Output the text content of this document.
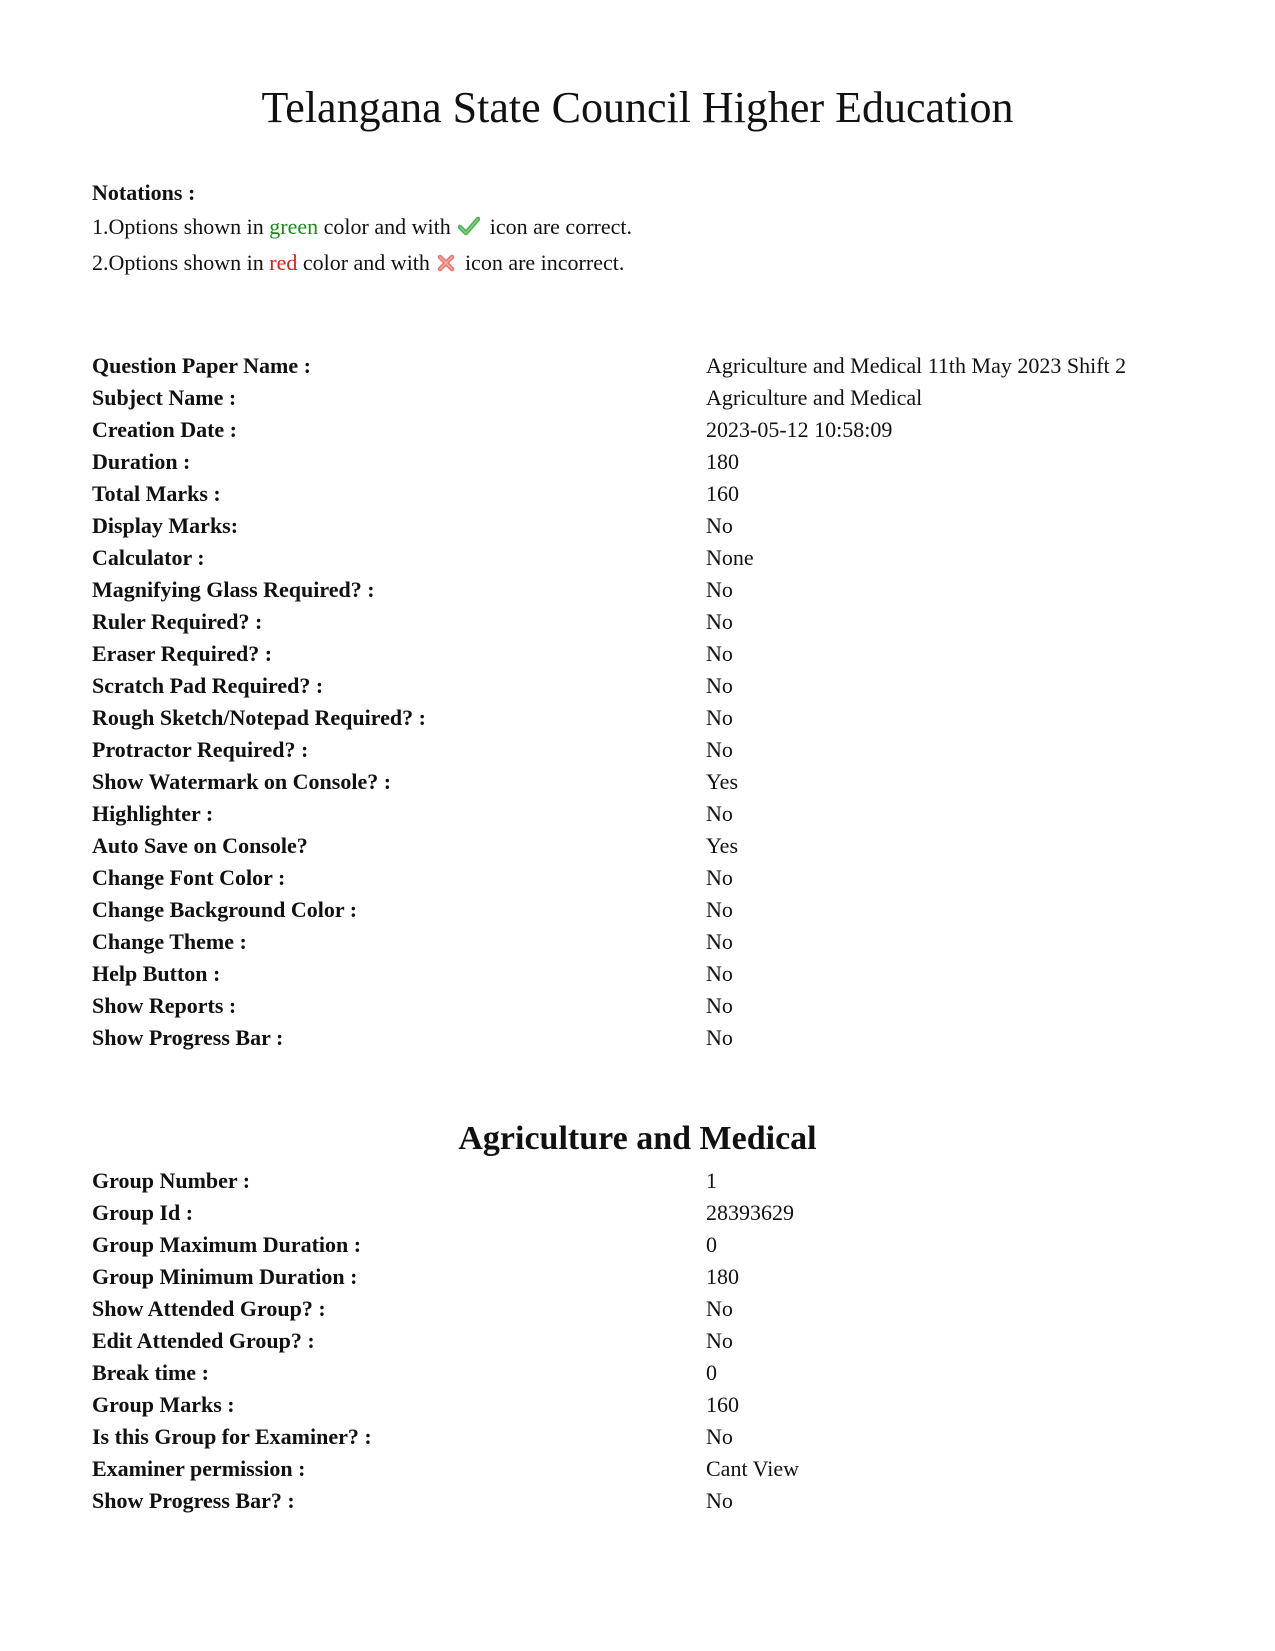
Telangana State Council Higher Education
Notations :
1.Options shown in green color and with  icon are correct.
2.Options shown in red color and with  icon are incorrect.
Question Paper Name :	Agriculture and Medical 11th May 2023 Shift 2
Subject Name :	Agriculture and Medical
Creation Date :	2023-05-12 10:58:09
Duration :	180
Total Marks :	160
Display Marks:	No
Calculator :	None
Magnifying Glass Required? :	No
Ruler Required? :	No
Eraser Required? :	No
Scratch Pad Required? :	No
Rough Sketch/Notepad Required? :	No
Protractor Required? :	No
Show Watermark on Console? :	Yes
Highlighter :	No
Auto Save on Console?	Yes
Change Font Color :	No
Change Background Color :	No
Change Theme :	No
Help Button :	No
Show Reports :	No
Show Progress Bar :	No
Agriculture and Medical
Group Number :	1
Group Id :	28393629
Group Maximum Duration :	0
Group Minimum Duration :	180
Show Attended Group? :	No
Edit Attended Group? :	No
Break time :	0
Group Marks :	160
Is this Group for Examiner? :	No
Examiner permission :	Cant View
Show Progress Bar? :	No
